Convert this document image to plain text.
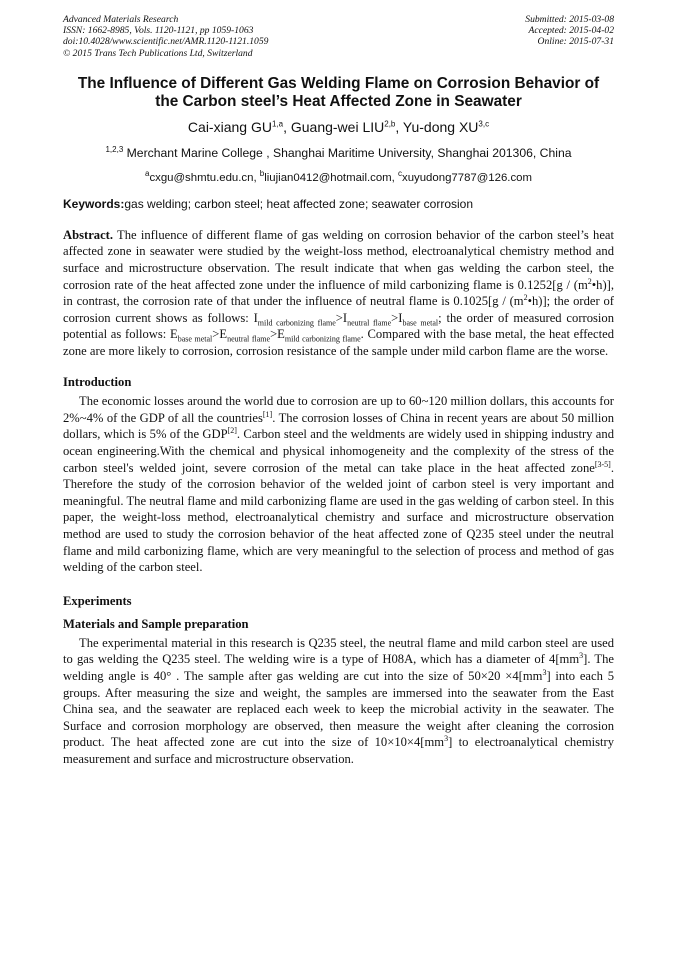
Advanced Materials Research
ISSN: 1662-8985, Vols. 1120-1121, pp 1059-1063
doi:10.4028/www.scientific.net/AMR.1120-1121.1059
© 2015 Trans Tech Publications Ltd, Switzerland
Submitted: 2015-03-08
Accepted: 2015-04-02
Online: 2015-07-31
The Influence of Different Gas Welding Flame on Corrosion Behavior of
the Carbon steel’s Heat Affected Zone in Seawater
Cai-xiang GU$^{1,a}$, Guang-wei LIU$^{2,b}$, Yu-dong XU$^{3,c}$
$^{1,2,3}$ Merchant Marine College , Shanghai Maritime University, Shanghai 201306, China
$^a$cxgu@shmtu.edu.cn, $^b$liujian0412@hotmail.com, $^c$xuyudong7787@126.com
Keywords:gas welding; carbon steel; heat affected zone; seawater corrosion

Abstract. The influence of different flame of gas welding on corrosion behavior of the carbon steel’s heat affected zone in seawater were studied by the weight-loss method, electroanalytical chemistry method and surface and microstructure observation. The result indicate that when gas welding the carbon steel, the corrosion rate of the heat affected zone under the influence of mild carbonizing flame is $0.1252[g / (m^2•h)]$, in contrast, the corrosion rate of that under the influence of neutral flame is $0.1025[g / (m^2•h)]$; the order of corrosion current shows as follows: $I_{mild carbonizing flame}>I_{neutral flame}>I_{base metal}$; the order of measured corrosion potential as follows: $E_{base metal}>E_{neutral flame}>E_{mild carbonizing flame}$. Compared with the base metal, the heat effected zone are more likely to corrosion, corrosion resistance of the sample under mild carbon flame are the worse.

Introduction

The economic losses around the world due to corrosion are up to 60~120 million dollars, this accounts for 2%~4% of the GDP of all the countries[1]. The corrosion losses of China in recent years are about 50 million dollars, which is 5% of the GDP[2]. Carbon steel and the weldments are widely used in shipping industry and ocean engineering.With the chemical and physical inhomogeneity and the complexity of the stress of the carbon steel's welded joint, severe corrosion of the metal can take place in the heat affected zone[3-5]. Therefore the study of the corrosion behavior of the welded joint of carbon steel is very important and meaningful. The neutral flame and mild carbonizing flame are used in the gas welding of carbon steel. In this paper, the weight-loss method, electroanalytical chemistry and surface and microstructure observation method are used to study the corrosion behavior of the heat affected zone of Q235 steel under the neutral flame and mild carbonizing flame, which are very meaningful to the selection of process and method of gas welding of the carbon steel.

Experiments
Materials and Sample preparation

The experimental material in this research is Q235 steel, the neutral flame and mild carbon steel are used to gas welding the Q235 steel. The welding wire is a type of H08A, which has a diameter of $4[mm^3]$. The welding angle is 40° . The sample after gas welding are cut into the size of $50\times 20 \times 4[mm^3]$ into each 5 groups. After measuring the size and weight, the samples are immersed into the seawater from the East China sea, and the seawater are replaced each week to keep the microbial activity in the seawater. The Surface and corrosion morphology are observed, then measure the weight after cleaning the corrosion product. The heat affected zone are cut into the size of $10\times 10\times 4[mm^3]$ to electroanalytical chemistry measurement and surface and microstructure observation.
